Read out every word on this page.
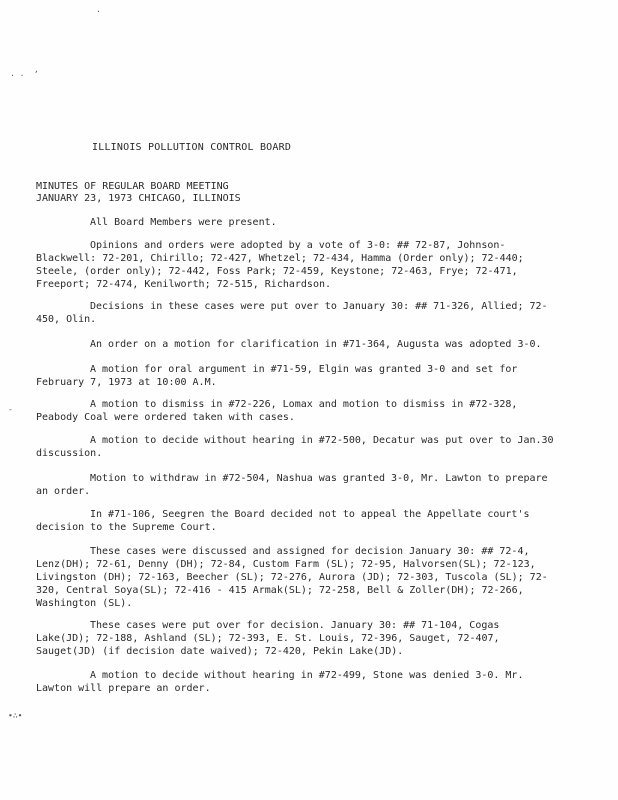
·
· ·
,
-
∙∴∙
ILLINOIS POLLUTION CONTROL BOARD
MINUTES OF REGULAR BOARD MEETING
JANUARY 23, 1973 CHICAGO, ILLINOIS
All Board Members were present.
Opinions and orders were adopted by a vote of 3-0: ## 72-87, Johnson-Blackwell: 72-201, Chirillo; 72-427, Whetzel; 72-434, Hamma (Order only); 72-440; Steele, (order only); 72-442, Foss Park; 72-459, Keystone; 72-463, Frye; 72-471, Freeport; 72-474, Kenilworth; 72-515, Richardson.
Decisions in these cases were put over to January 30: ## 71-326, Allied; 72-450, Olin.
An order on a motion for clarification in #71-364, Augusta was adopted 3-0.
A motion for oral argument in #71-59, Elgin was granted 3-0 and set for February 7, 1973 at 10:00 A.M.
A motion to dismiss in #72-226, Lomax and motion to dismiss in #72-328, Peabody Coal were ordered taken with cases.
A motion to decide without hearing in #72-500, Decatur was put over to Jan.30 discussion.
Motion to withdraw in #72-504, Nashua was granted 3-0, Mr. Lawton to prepare an order.
In #71-106, Seegren the Board decided not to appeal the Appellate court's decision to the Supreme Court.
These cases were discussed and assigned for decision January 30: ## 72-4, Lenz(DH); 72-61, Denny (DH); 72-84, Custom Farm (SL); 72-95, Halvorsen(SL); 72-123, Livingston (DH); 72-163, Beecher (SL); 72-276, Aurora (JD); 72-303, Tuscola (SL); 72-320, Central Soya(SL); 72-416 - 415 Armak(SL); 72-258, Bell & Zoller(DH); 72-266, Washington (SL).
These cases were put over for decision. January 30: ## 71-104, Cogas Lake(JD); 72-188, Ashland (SL); 72-393, E. St. Louis, 72-396, Sauget, 72-407, Sauget(JD) (if decision date waived); 72-420, Pekin Lake(JD).
A motion to decide without hearing in #72-499, Stone was denied 3-0. Mr. Lawton will prepare an order.
